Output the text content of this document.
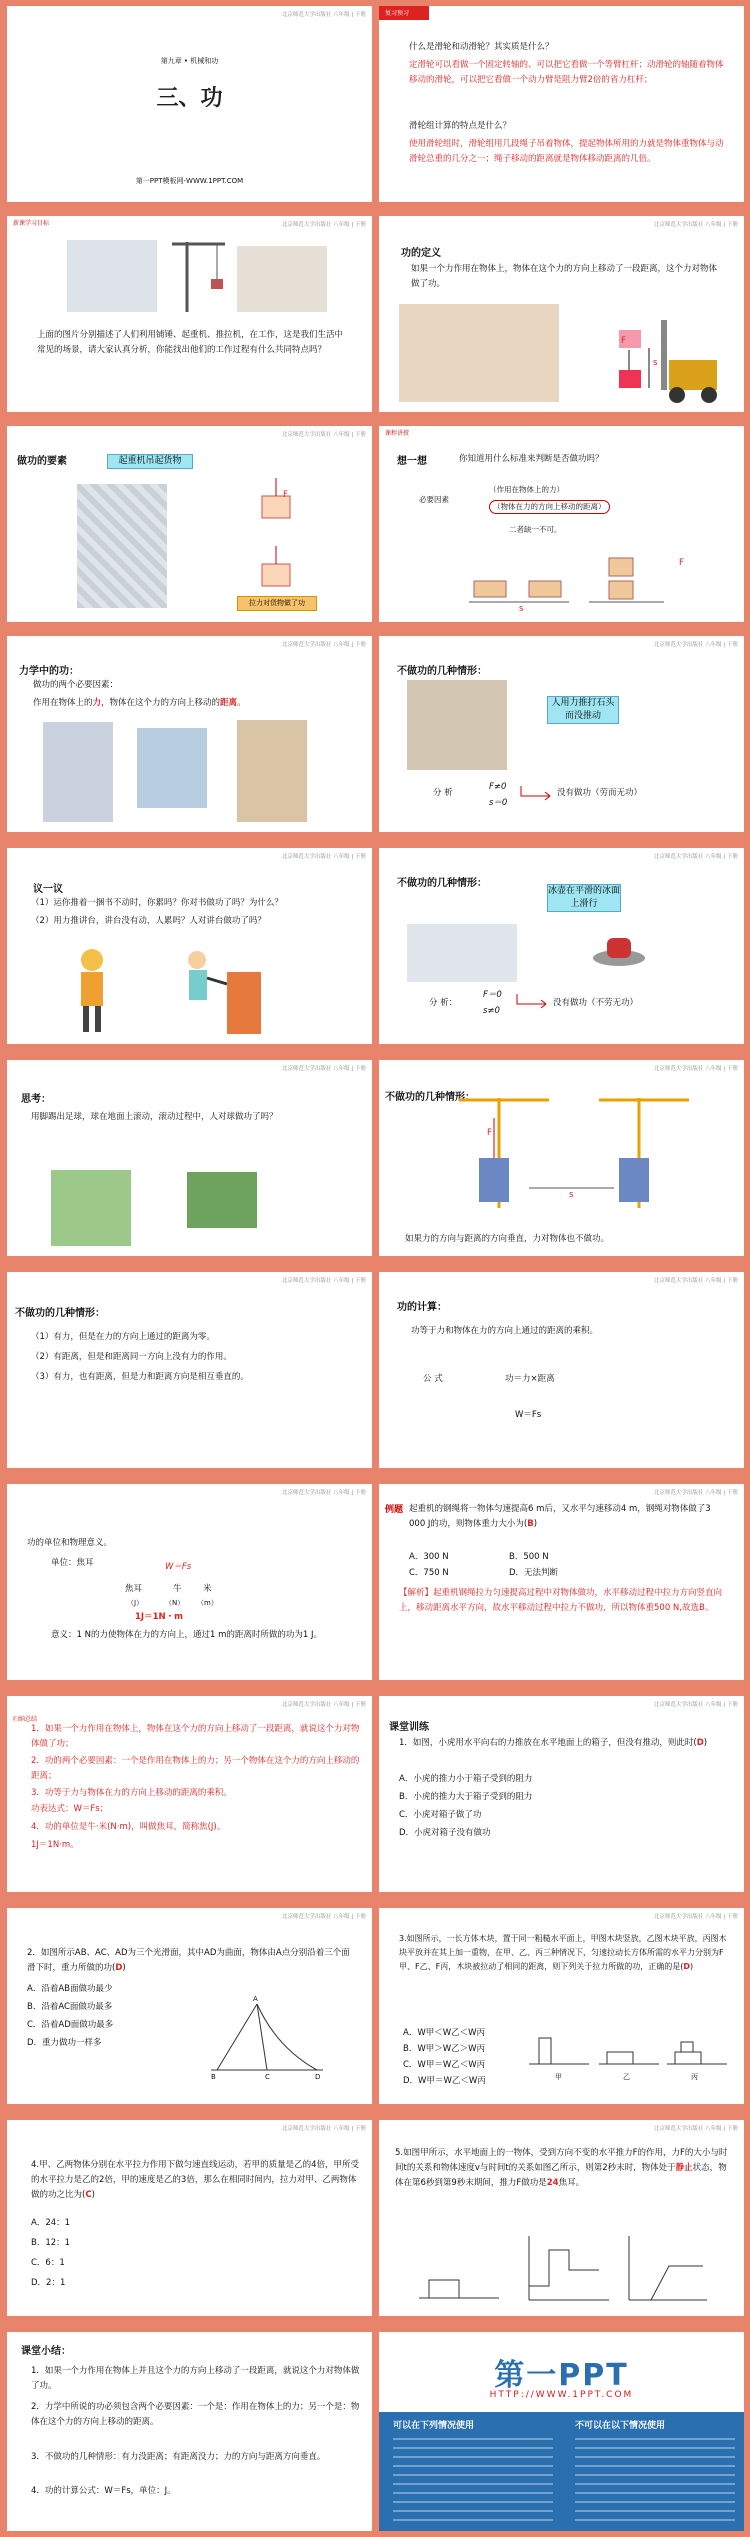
北京师范大学出版社 八年级 | 下册
第九章 • 机械和功
三、功
第一PPT模板网-WWW.1PPT.COM
复习预习
什么是滑轮和动滑轮？其实质是什么？
定滑轮可以看做一个固定转轴的、可以把它看做一个等臂杠杆；动滑轮的轴随着物体移动的滑轮，可以把它看做一个动力臂是阻力臂2倍的省力杠杆；
滑轮组计算的特点是什么？
使用滑轮组时，滑轮组用几段绳子吊着物体，提起物体所用的力就是物体重物体与动滑轮总重的几分之一；绳子移动的距离就是物体移动距离的几倍。
北京师范大学出版社 八年级 | 下册
新课学习目标
上面的图片分别描述了人们利用铺锤、起重机、推拉机，在工作，这是我们生活中常见的场景，请大家认真分析，你能找出他们的工作过程有什么共同特点吗？
北京师范大学出版社 八年级 | 下册
功的定义
如果一个力作用在物体上，物体在这个力的方向上移动了一段距离，这个力对物体做了功。
F
s
北京师范大学出版社 八年级 | 下册
做功的要素	起重机吊起货物
F
拉力对货物做了功
课程讲授
想一想	你知道用什么标准来判断是否做功吗？
必要因素
（作用在物体上的力）
（物体在力的方向上移动的距离）
二者缺一不可。
F
s
北京师范大学出版社 八年级 | 下册
力学中的功：
做功的两个必要因素：
作用在物体上的力，物体在这个力的方向上移动的距离。
北京师范大学出版社 八年级 | 下册
不做功的几种情形：
人用力推打石头而没推动
分 析
F≠0
s＝0
没有做功（劳而无功）
北京师范大学出版社 八年级 | 下册
议一议
（1）运你推着一捆书不动时，你累吗？你对书做功了吗？为什么？
（2）用力推讲台，讲台没有动，人累吗？人对讲台做功了吗？
北京师范大学出版社 八年级 | 下册
不做功的几种情形：
冰壶在平滑的冰面上滑行
分 析：
F＝0
s≠0
没有做功（不劳无功）
北京师范大学出版社 八年级 | 下册
思考：
用脚踢出足球，球在地面上滚动，滚动过程中，人对球做功了吗？
北京师范大学出版社 八年级 | 下册
不做功的几种情形：
F
s
如果力的方向与距离的方向垂直，力对物体也不做功。
北京师范大学出版社 八年级 | 下册
不做功的几种情形：
（1）有力，但是在力的方向上通过的距离为零。
（2）有距离，但是和距离同一方向上没有力的作用。
（3）有力，也有距离，但是力和距离方向是相互垂直的。
北京师范大学出版社 八年级 | 下册
功的计算：
功等于力和物体在力的方向上通过的距离的乘积。
公 式	功＝力×距离
W＝Fs
北京师范大学出版社 八年级 | 下册
功的单位和物理意义。
单位：焦耳	W＝Fs
焦耳	牛	米
（J）	（N） （m）
1J＝1N・m
意义：1 N的力使物体在力的方向上，通过1 m的距离时所做的功为1 J。
北京师范大学出版社 八年级 | 下册
例题 起重机的钢绳将一物体匀速提高6 m后，又水平匀速移动4 m，钢绳对物体做了3 000 J的功，则物体重力大小为(B)
A．300 N	B．500 N
C．750 N	D．无法判断
【解析】起重机钢绳拉力匀速提高过程中对物体做功，水平移动过程中拉力方向竖直向上，移动距离水平方向，故水平移动过程中拉力不做功，所以物体重500 N,故选B。
北京师范大学出版社 八年级 | 下册
归纳总结
1．如果一个力作用在物体上，物体在这个力的方向上移动了一段距离，就说这个力对物体做了功；
2．功的两个必要因素：一个是作用在物体上的力；另一个物体在这个力的方向上移动的距离；
3．功等于力与物体在力的方向上移动的距离的乘积。
功表达式：W＝Fs；
4．功的单位是牛·米(N·m)，叫做焦耳，简称焦(J)。
1J＝1N·m。
北京师范大学出版社 八年级 | 下册
课堂训练
1．如图，小虎用水平向右的力推放在水平地面上的箱子，但没有推动，则此时(D)
A．小虎的推力小于箱子受到的阻力
B．小虎的推力大于箱子受到的阻力
C．小虎对箱子做了功
D．小虎对箱子没有做功
北京师范大学出版社 八年级 | 下册
2．如图所示AB、AC、AD为三个光滑面，其中AD为曲面，物体由A点分别沿着三个面滑下时，重力所做的功(D)
A．沿着AB面做功最少
B．沿着AC面做功最多
C．沿着AD面做功最多
D．重力做功一样多
A
B	C	D
北京师范大学出版社 八年级 | 下册
3.如图所示，一长方体木块，置于同一粗糙水平面上，甲图木块竖放，乙图木块平放，丙图木块平放并在其上加一重物，在甲、乙、丙三种情况下，匀速拉动长方体所需的水平力分别为F甲、F乙、F丙，木块被拉动了相同的距离，则下列关于拉力所做的功，正确的是(D)
A．W甲＜W乙＜W丙
B．W甲＞W乙＞W丙
C．W甲＝W乙＜W丙
D．W甲＝W乙＜W丙	甲	乙	丙
北京师范大学出版社 八年级 | 下册
4.甲、乙两物体分别在水平拉力作用下做匀速直线运动，若甲的质量是乙的4倍，甲所受的水平拉力是乙的2倍，甲的速度是乙的3倍，那么在相同时间内，拉力对甲、乙两物体做的功之比为(C)
A．24：1
B．12：1
C．6：1
D．2：1
北京师范大学出版社 八年级 | 下册
5.如图甲所示，水平地面上的一物体，受到方向不变的水平推力F的作用，力F的大小与时间t的关系和物体速度v与时间t的关系如图乙所示，则第2秒末时，物体处于静止状态，物体在第6秒到第9秒末期间，推力F做功是24焦耳。
课堂小结：
1．如果一个力作用在物体上并且这个力的方向上移动了一段距离，就说这个力对物体做了功。
2．力学中所说的功必须包含两个必要因素：一个是：作用在物体上的力；另一个是：物体在这个力的方向上移动的距离。
3．不做功的几种情形：有力没距离；有距离没力；力的方向与距离方向垂直。
4．功的计算公式：W＝Fs，单位：J。
第一PPT
HTTP://WWW.1PPT.COM
可以在下列情况使用	不可以在以下情况使用
